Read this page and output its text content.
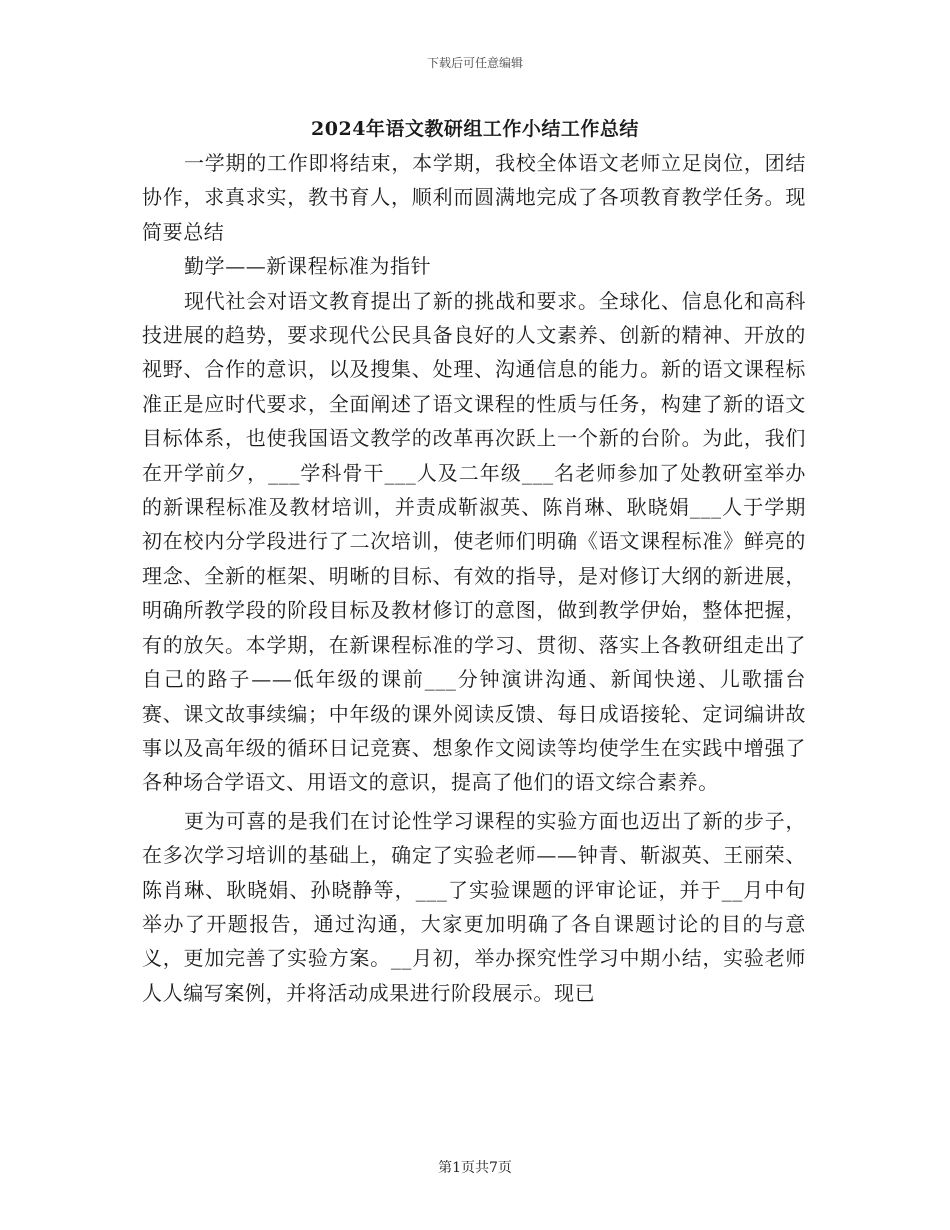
下载后可任意编辑
2024年语文教研组工作小结工作总结

一学期的工作即将结束，本学期，我校全体语文老师立足岗位，团结协作，求真求实，教书育人，顺利而圆满地完成了各项教育教学任务。现简要总结

勤学——新课程标准为指针

现代社会对语文教育提出了新的挑战和要求。全球化、信息化和高科技进展的趋势，要求现代公民具备良好的人文素养、创新的精神、开放的视野、合作的意识，以及搜集、处理、沟通信息的能力。新的语文课程标准正是应时代要求，全面阐述了语文课程的性质与任务，构建了新的语文目标体系，也使我国语文教学的改革再次跃上一个新的台阶。为此，我们在开学前夕，___学科骨干___人及二年级___名老师参加了处教研室举办的新课程标准及教材培训，并责成靳淑英、陈肖琳、耿晓娟___人于学期初在校内分学段进行了二次培训，使老师们明确《语文课程标准》鲜亮的理念、全新的框架、明晰的目标、有效的指导，是对修订大纲的新进展，明确所教学段的阶段目标及教材修订的意图，做到教学伊始，整体把握，有的放矢。本学期，在新课程标准的学习、贯彻、落实上各教研组走出了自己的路子——低年级的课前___分钟演讲沟通、新闻快递、儿歌擂台赛、课文故事续编；中年级的课外阅读反馈、每日成语接轮、定词编讲故事以及高年级的循环日记竞赛、想象作文阅读等均使学生在实践中增强了各种场合学语文、用语文的意识，提高了他们的语文综合素养。

更为可喜的是我们在讨论性学习课程的实验方面也迈出了新的步子，在多次学习培训的基础上，确定了实验老师——钟青、靳淑英、王丽荣、陈肖琳、耿晓娟、孙晓静等，___了实验课题的评审论证，并于__月中旬举办了开题报告，通过沟通，大家更加明确了各自课题讨论的目的与意义，更加完善了实验方案。__月初，举办探究性学习中期小结，实验老师人人编写案例，并将活动成果进行阶段展示。现已

第1页共7页
